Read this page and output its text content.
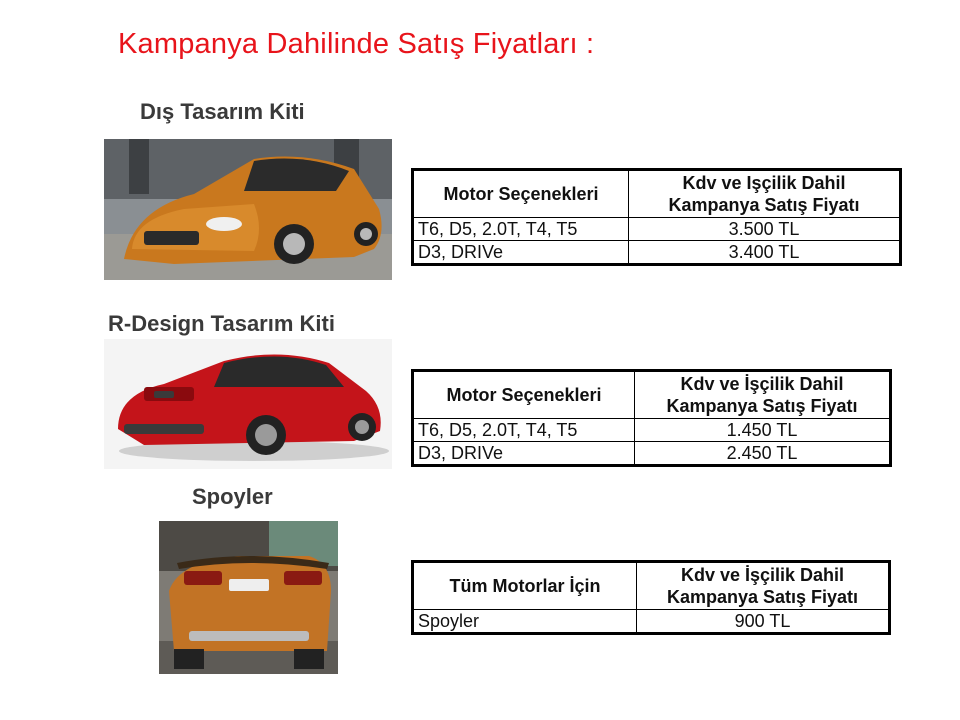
Kampanya Dahilinde Satış Fiyatları :
Dış Tasarım Kiti
Motor Seçenekleri	Kdv ve Işçilik Dahil
Kampanya Satış Fiyatı

T6, D5, 2.0T, T4, T5	3.500 TL
D3, DRIVe	3.400 TL
R-Design Tasarım Kiti
Motor Seçenekleri	Kdv ve İşçilik Dahil
Kampanya Satış Fiyatı

T6, D5, 2.0T, T4, T5	1.450 TL
D3, DRIVe	2.450 TL
Spoyler
Tüm Motorlar İçin	Kdv ve İşçilik Dahil
Kampanya Satış Fiyatı

Spoyler	900 TL
